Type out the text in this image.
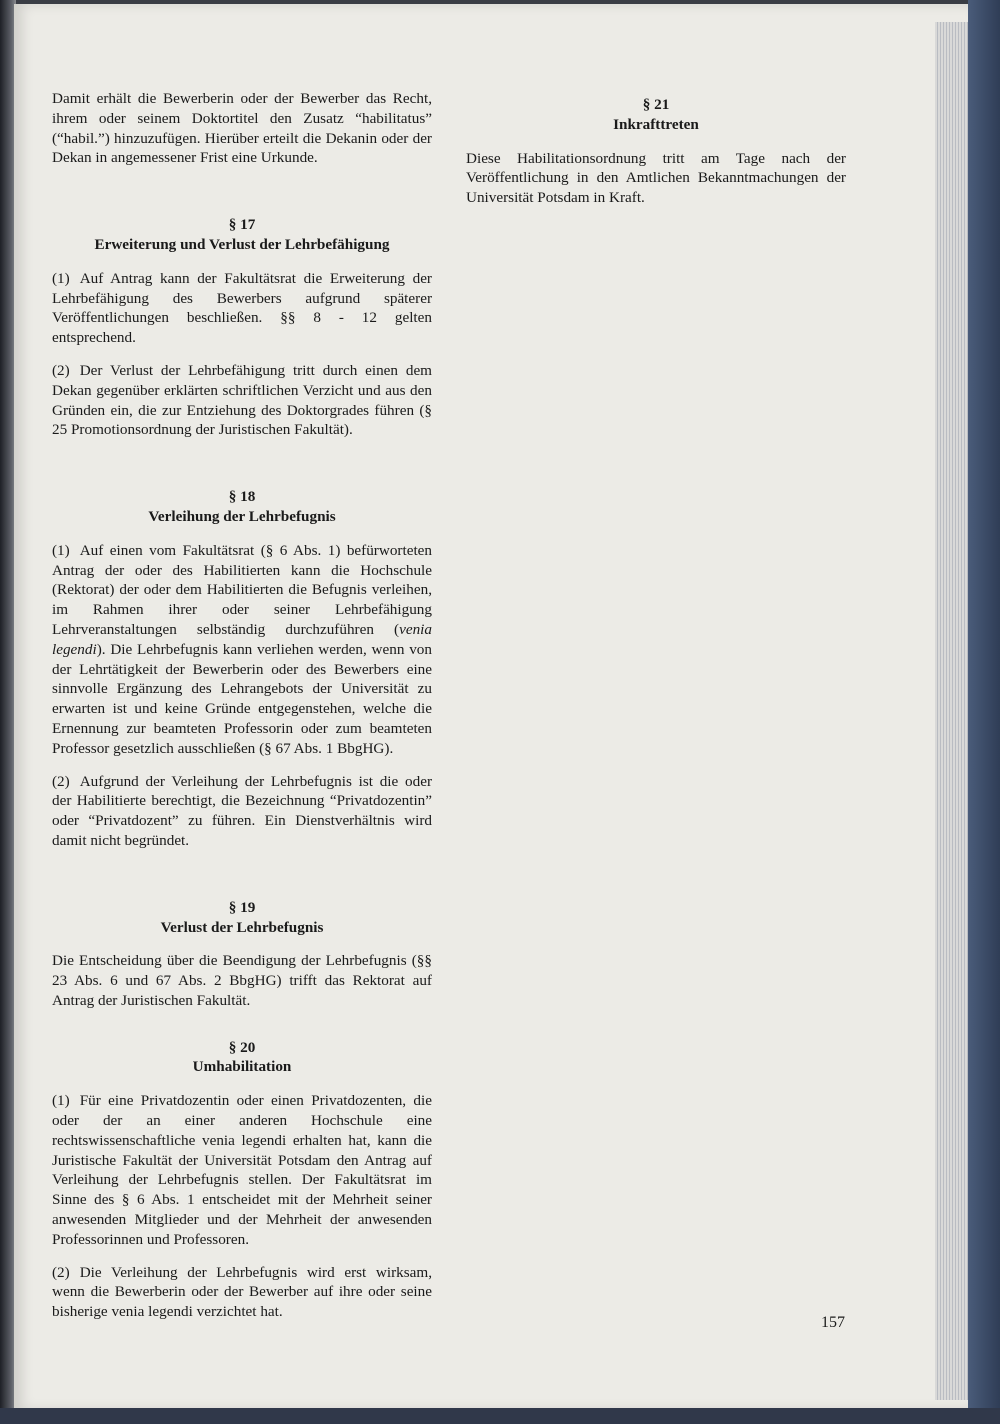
Damit erhält die Bewerberin oder der Bewerber das Recht, ihrem oder seinem Doktortitel den Zusatz “habilitatus” (“habil.”) hinzuzufügen. Hierüber erteilt die Dekanin oder der Dekan in angemessener Frist eine Urkunde.

§ 17
Erweiterung und Verlust der Lehrbefähigung

(1) Auf Antrag kann der Fakultätsrat die Erweiterung der Lehrbefähigung des Bewerbers aufgrund späterer Veröffentlichungen beschließen. §§ 8 - 12 gelten entsprechend.

(2) Der Verlust der Lehrbefähigung tritt durch einen dem Dekan gegenüber erklärten schriftlichen Verzicht und aus den Gründen ein, die zur Entziehung des Doktorgrades führen (§ 25 Promotionsordnung der Juristischen Fakultät).

§ 18
Verleihung der Lehrbefugnis

(1) Auf einen vom Fakultätsrat (§ 6 Abs. 1) befürworteten Antrag der oder des Habilitierten kann die Hochschule (Rektorat) der oder dem Habilitierten die Befugnis verleihen, im Rahmen ihrer oder seiner Lehrbefähigung Lehrveranstaltungen selbständig durchzuführen (venia legendi). Die Lehrbefugnis kann verliehen werden, wenn von der Lehrtätigkeit der Bewerberin oder des Bewerbers eine sinnvolle Ergänzung des Lehrangebots der Universität zu erwarten ist und keine Gründe entgegenstehen, welche die Ernennung zur beamteten Professorin oder zum beamteten Professor gesetzlich ausschließen (§ 67 Abs. 1 BbgHG).

(2) Aufgrund der Verleihung der Lehrbefugnis ist die oder der Habilitierte berechtigt, die Bezeichnung “Privatdozentin” oder “Privatdozent” zu führen. Ein Dienstverhältnis wird damit nicht begründet.

§ 19
Verlust der Lehrbefugnis

Die Entscheidung über die Beendigung der Lehrbefugnis (§§ 23 Abs. 6 und 67 Abs. 2 BbgHG) trifft das Rektorat auf Antrag der Juristischen Fakultät.

§ 20
Umhabilitation

(1) Für eine Privatdozentin oder einen Privatdozenten, die oder der an einer anderen Hochschule eine rechtswissenschaftliche venia legendi erhalten hat, kann die Juristische Fakultät der Universität Potsdam den Antrag auf Verleihung der Lehrbefugnis stellen. Der Fakultätsrat im Sinne des § 6 Abs. 1 entscheidet mit der Mehrheit seiner anwesenden Mitglieder und der Mehrheit der anwesenden Professorinnen und Professoren.

(2) Die Verleihung der Lehrbefugnis wird erst wirksam, wenn die Bewerberin oder der Bewerber auf ihre oder seine bisherige venia legendi verzichtet hat.

§ 21
Inkrafttreten

Diese Habilitationsordnung tritt am Tage nach der Veröffentlichung in den Amtlichen Bekanntmachungen der Universität Potsdam in Kraft.

157
